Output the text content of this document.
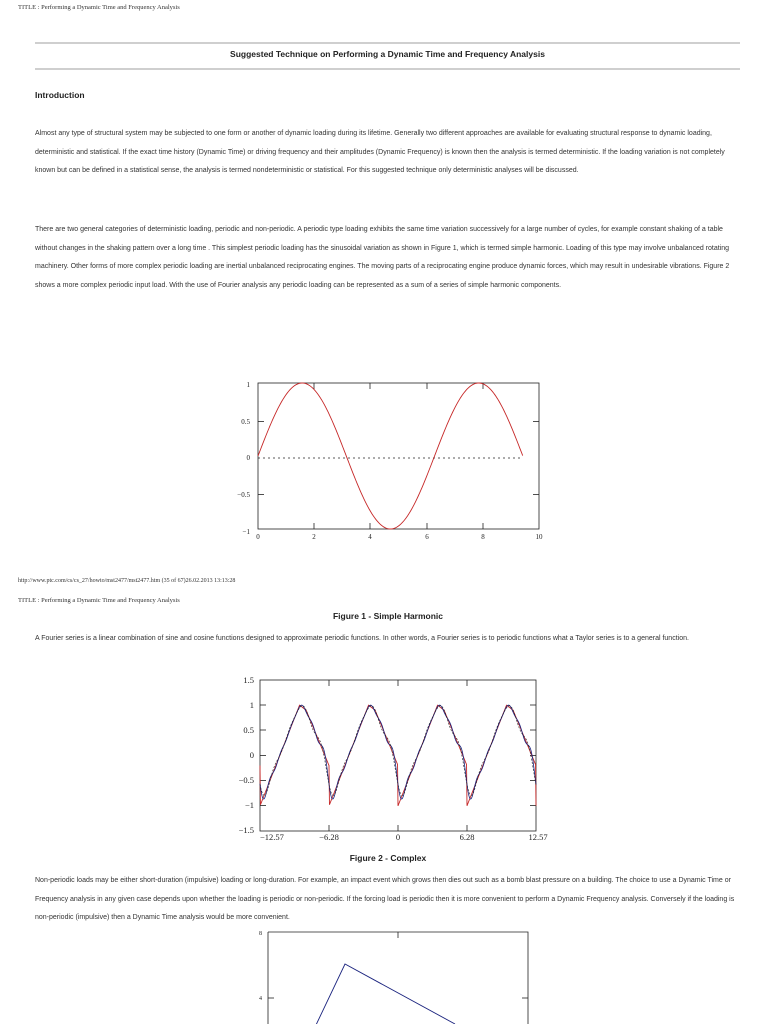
TITLE : Performing a Dynamic Time and Frequency Analysis
Suggested Technique on Performing a Dynamic Time and Frequency Analysis
Introduction
Almost any type of structural system may be subjected to one form or another of dynamic loading during its lifetime. Generally two different approaches are available for evaluating structural response to dynamic loading, deterministic and statistical. If the exact time history (Dynamic Time) or driving frequency and their amplitudes (Dynamic Frequency) is known then the analysis is termed deterministic. If the loading variation is not completely known but can be defined in a statistical sense, the analysis is termed nondeterministic or statistical. For this suggested technique only deterministic analyses will be discussed.
There are two general categories of deterministic loading, periodic and non-periodic. A periodic type loading exhibits the same time variation successively for a large number of cycles, for example constant shaking of a table without changes in the shaking pattern over a long time . This simplest periodic loading has the sinusoidal variation as shown in Figure 1, which is termed simple harmonic. Loading of this type may involve unbalanced rotating machinery. Other forms of more complex periodic loading are inertial unbalanced reciprocating engines. The moving parts of a reciprocating engine produce dynamic forces, which may result in undesirable vibrations. Figure 2 shows a more complex periodic input load. With the use of Fourier analysis any periodic loading can be represented as a sum of a series of simple harmonic components.
1
0.5
0
−0.5
−1
0	2	4	6	8	10
http://www.ptc.com/cs/cs_27/howto/mst2477/mst2477.htm (35 of 67)26.02.2013 13:13:28
TITLE : Performing a Dynamic Time and Frequency Analysis
Figure 1 - Simple Harmonic
A Fourier series is a linear combination of sine and cosine functions designed to approximate periodic functions. In other words, a Fourier series is to periodic functions what a Taylor series is to a general function.
1.5
1
0.5
0
−0.5
−1
−1.5
−12.57	−6.28	0	6.28	12.57
Figure 2 - Complex
Non-periodic loads may be either short-duration (impulsive) loading or long-duration. For example, an impact event which grows then dies out such as a bomb blast pressure on a building. The choice to use a Dynamic Time or Frequency analysis in any given case depends upon whether the loading is periodic or non-periodic. If the forcing load is periodic then it is more convenient to perform a Dynamic Frequency analysis. Conversely if the loading is non-periodic (impulsive) then a Dynamic Time analysis would be more convenient.
8
4
